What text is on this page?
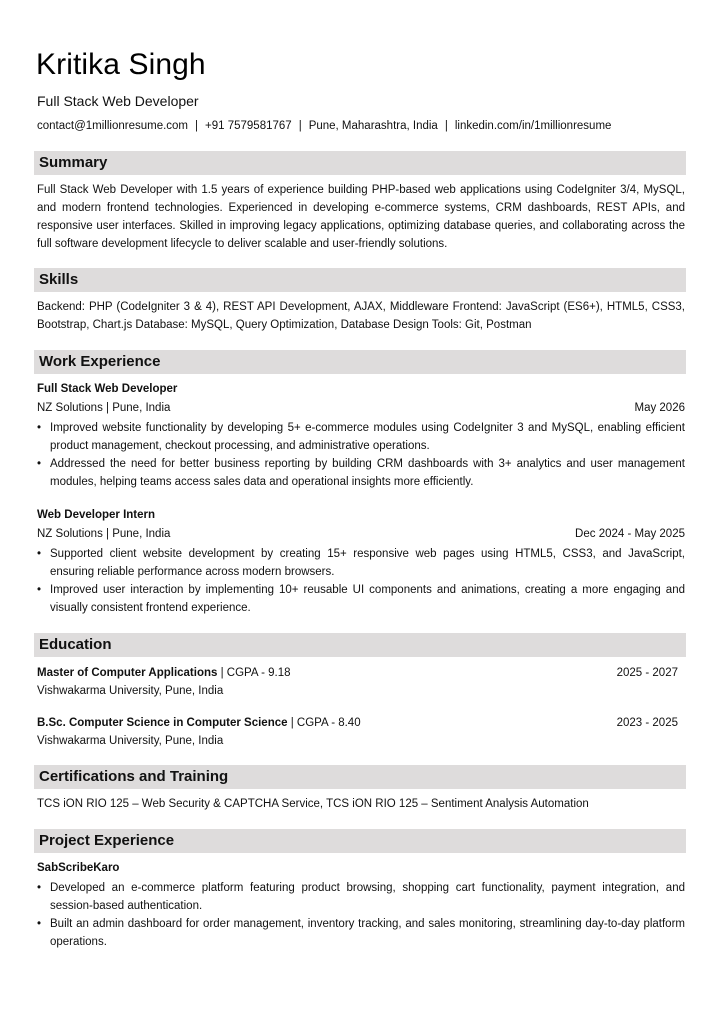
Kritika Singh
Full Stack Web Developer
contact@1millionresume.com | +91 7579581767 | Pune, Maharashtra, India | linkedin.com/in/1millionresume
Summary
Full Stack Web Developer with 1.5 years of experience building PHP-based web applications using CodeIgniter 3/4, MySQL, and modern frontend technologies. Experienced in developing e-commerce systems, CRM dashboards, REST APIs, and responsive user interfaces. Skilled in improving legacy applications, optimizing database queries, and collaborating across the full software development lifecycle to deliver scalable and user-friendly solutions.
Skills
Backend: PHP (CodeIgniter 3 & 4), REST API Development, AJAX, Middleware Frontend: JavaScript (ES6+), HTML5, CSS3, Bootstrap, Chart.js Database: MySQL, Query Optimization, Database Design Tools: Git, Postman
Work Experience
Full Stack Web Developer
NZ Solutions | Pune, India	May 2026
• Improved website functionality by developing 5+ e-commerce modules using CodeIgniter 3 and MySQL, enabling efficient product management, checkout processing, and administrative operations.
• Addressed the need for better business reporting by building CRM dashboards with 3+ analytics and user management modules, helping teams access sales data and operational insights more efficiently.
Web Developer Intern
NZ Solutions | Pune, India	Dec 2024 - May 2025
• Supported client website development by creating 15+ responsive web pages using HTML5, CSS3, and JavaScript, ensuring reliable performance across modern browsers.
• Improved user interaction by implementing 10+ reusable UI components and animations, creating a more engaging and visually consistent frontend experience.
Education
Master of Computer Applications | CGPA - 9.18	2025 - 2027
Vishwakarma University, Pune, India
B.Sc. Computer Science in Computer Science | CGPA - 8.40	2023 - 2025
Vishwakarma University, Pune, India
Certifications and Training
TCS iON RIO 125 – Web Security & CAPTCHA Service, TCS iON RIO 125 – Sentiment Analysis Automation
Project Experience
SabScribeKaro
• Developed an e-commerce platform featuring product browsing, shopping cart functionality, payment integration, and session-based authentication.
• Built an admin dashboard for order management, inventory tracking, and sales monitoring, streamlining day-to-day platform operations.
